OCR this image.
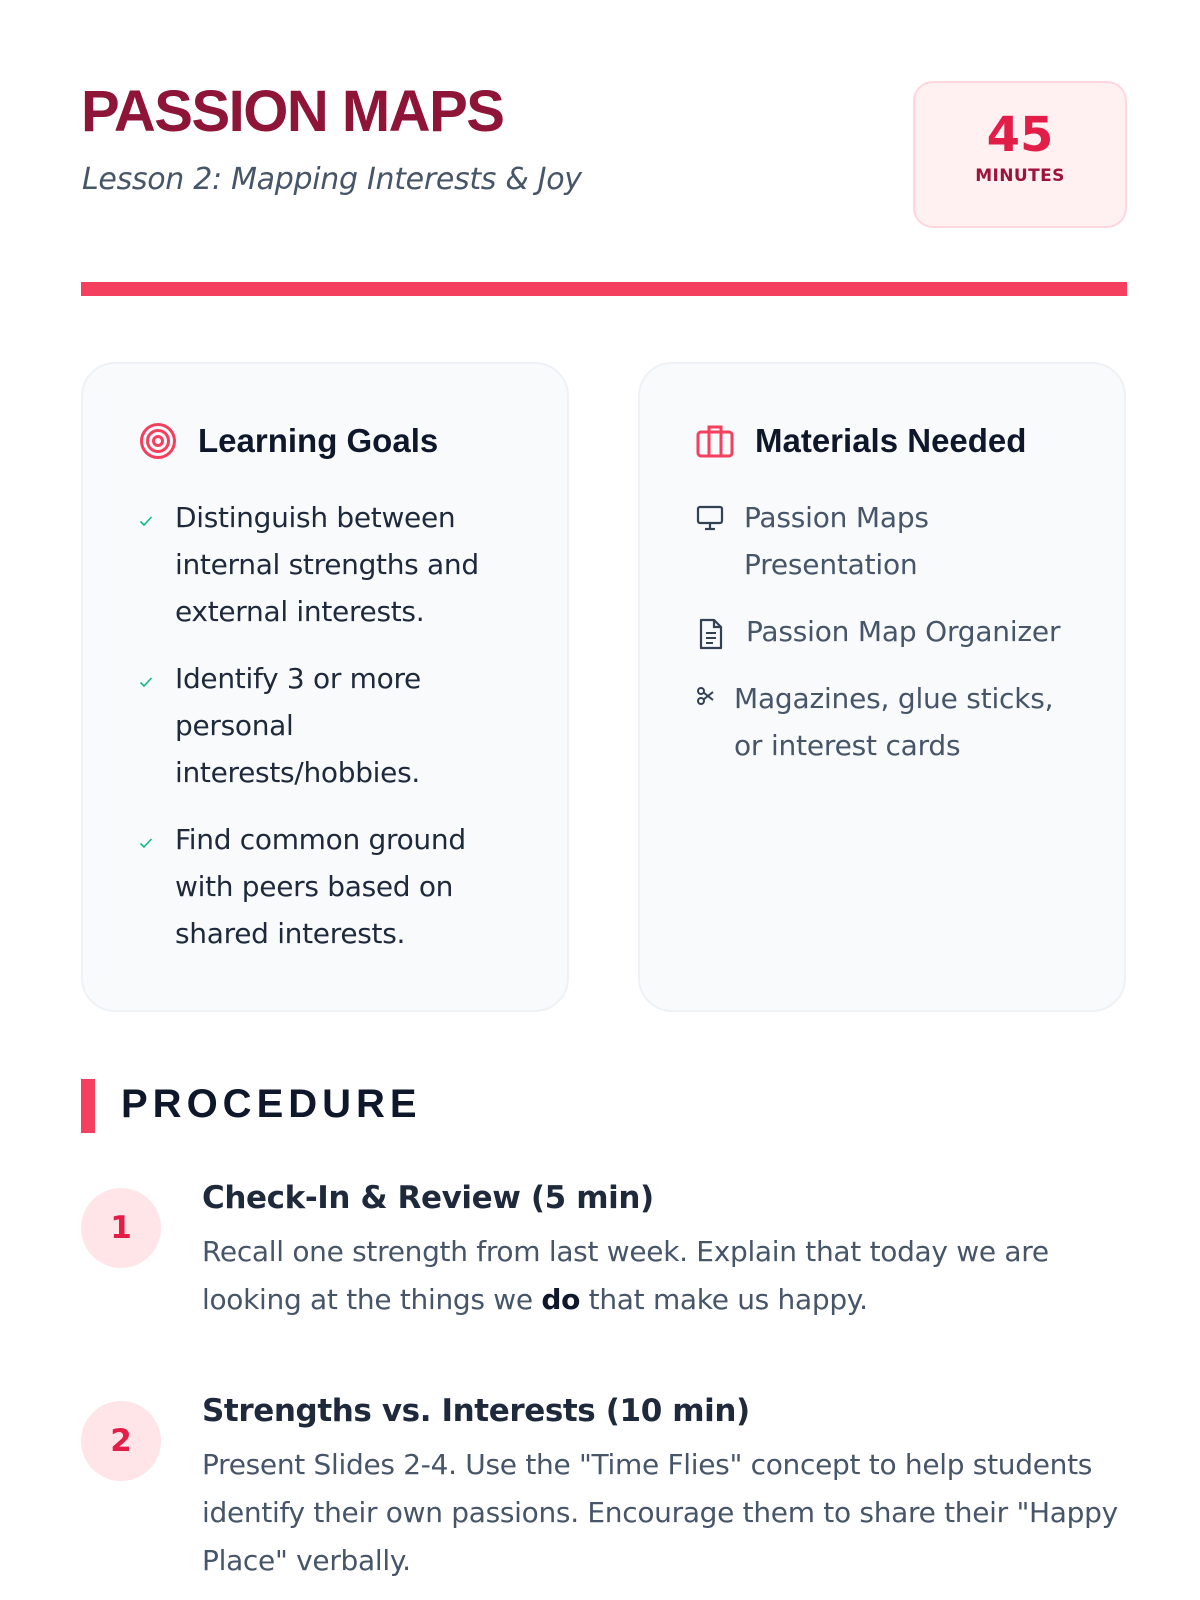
PASSION MAPS
Lesson 2: Mapping Interests & Joy
45
MINUTES
Learning Goals
Distinguish between internal strengths and external interests.
Identify 3 or more personal interests/hobbies.
Find common ground with peers based on shared interests.
Materials Needed
Passion Maps Presentation
Passion Map Organizer
Magazines, glue sticks, or interest cards
PROCEDURE
1
Check-In & Review (5 min)

Recall one strength from last week. Explain that today we are looking at the things we do that make us happy.

2
Strengths vs. Interests (10 min)

Present Slides 2-4. Use the "Time Flies" concept to help students identify their own passions. Encourage them to share their "Happy Place" verbally.
